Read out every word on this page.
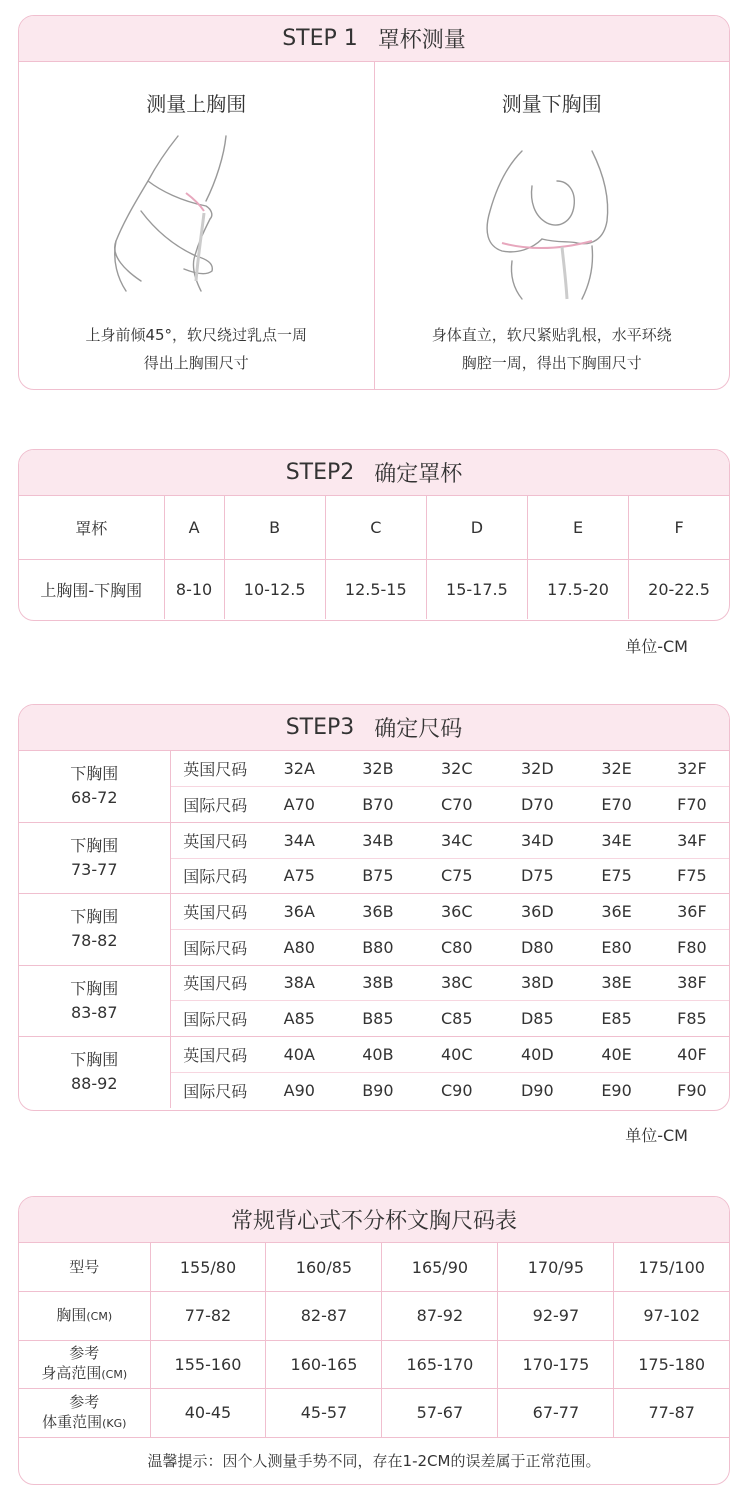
STEP 1 罩杯测量
测量上胸围
上身前倾45°，软尺绕过乳点一周
得出上胸围尺寸
测量下胸围
身体直立，软尺紧贴乳根，水平环绕
胸腔一周，得出下胸围尺寸
STEP2 确定罩杯
罩杯	A	B	C	D	E	F
上胸围-下胸围	8-10	10-12.5	12.5-15	15-17.5	17.5-20	20-22.5
单位-CM
STEP3 确定尺码
下胸围
68-72	英国尺码	32A	32B	32C	32D	32E	32F
	国际尺码	A70	B70	C70	D70	E70	F70

下胸围
73-77	英国尺码	34A	34B	34C	34D	34E	34F
	国际尺码	A75	B75	C75	D75	E75	F75

下胸围
78-82	英国尺码	36A	36B	36C	36D	36E	36F
	国际尺码	A80	B80	C80	D80	E80	F80

下胸围
83-87	英国尺码	38A	38B	38C	38D	38E	38F
	国际尺码	A85	B85	C85	D85	E85	F85

下胸围
88-92	英国尺码	40A	40B	40C	40D	40E	40F
	国际尺码	A90	B90	C90	D90	E90	F90
单位-CM
常规背心式不分杯文胸尺码表
型号	155/80	160/85	165/90	170/95	175/100
胸围(CM)	77-82	82-87	87-92	92-97	97-102
参考
身高范围(CM)	155-160	160-165	165-170	170-175	175-180
参考
体重范围(KG)	40-45	45-57	57-67	67-77	77-87
温馨提示：因个人测量手势不同，存在1-2CM的误差属于正常范围。
